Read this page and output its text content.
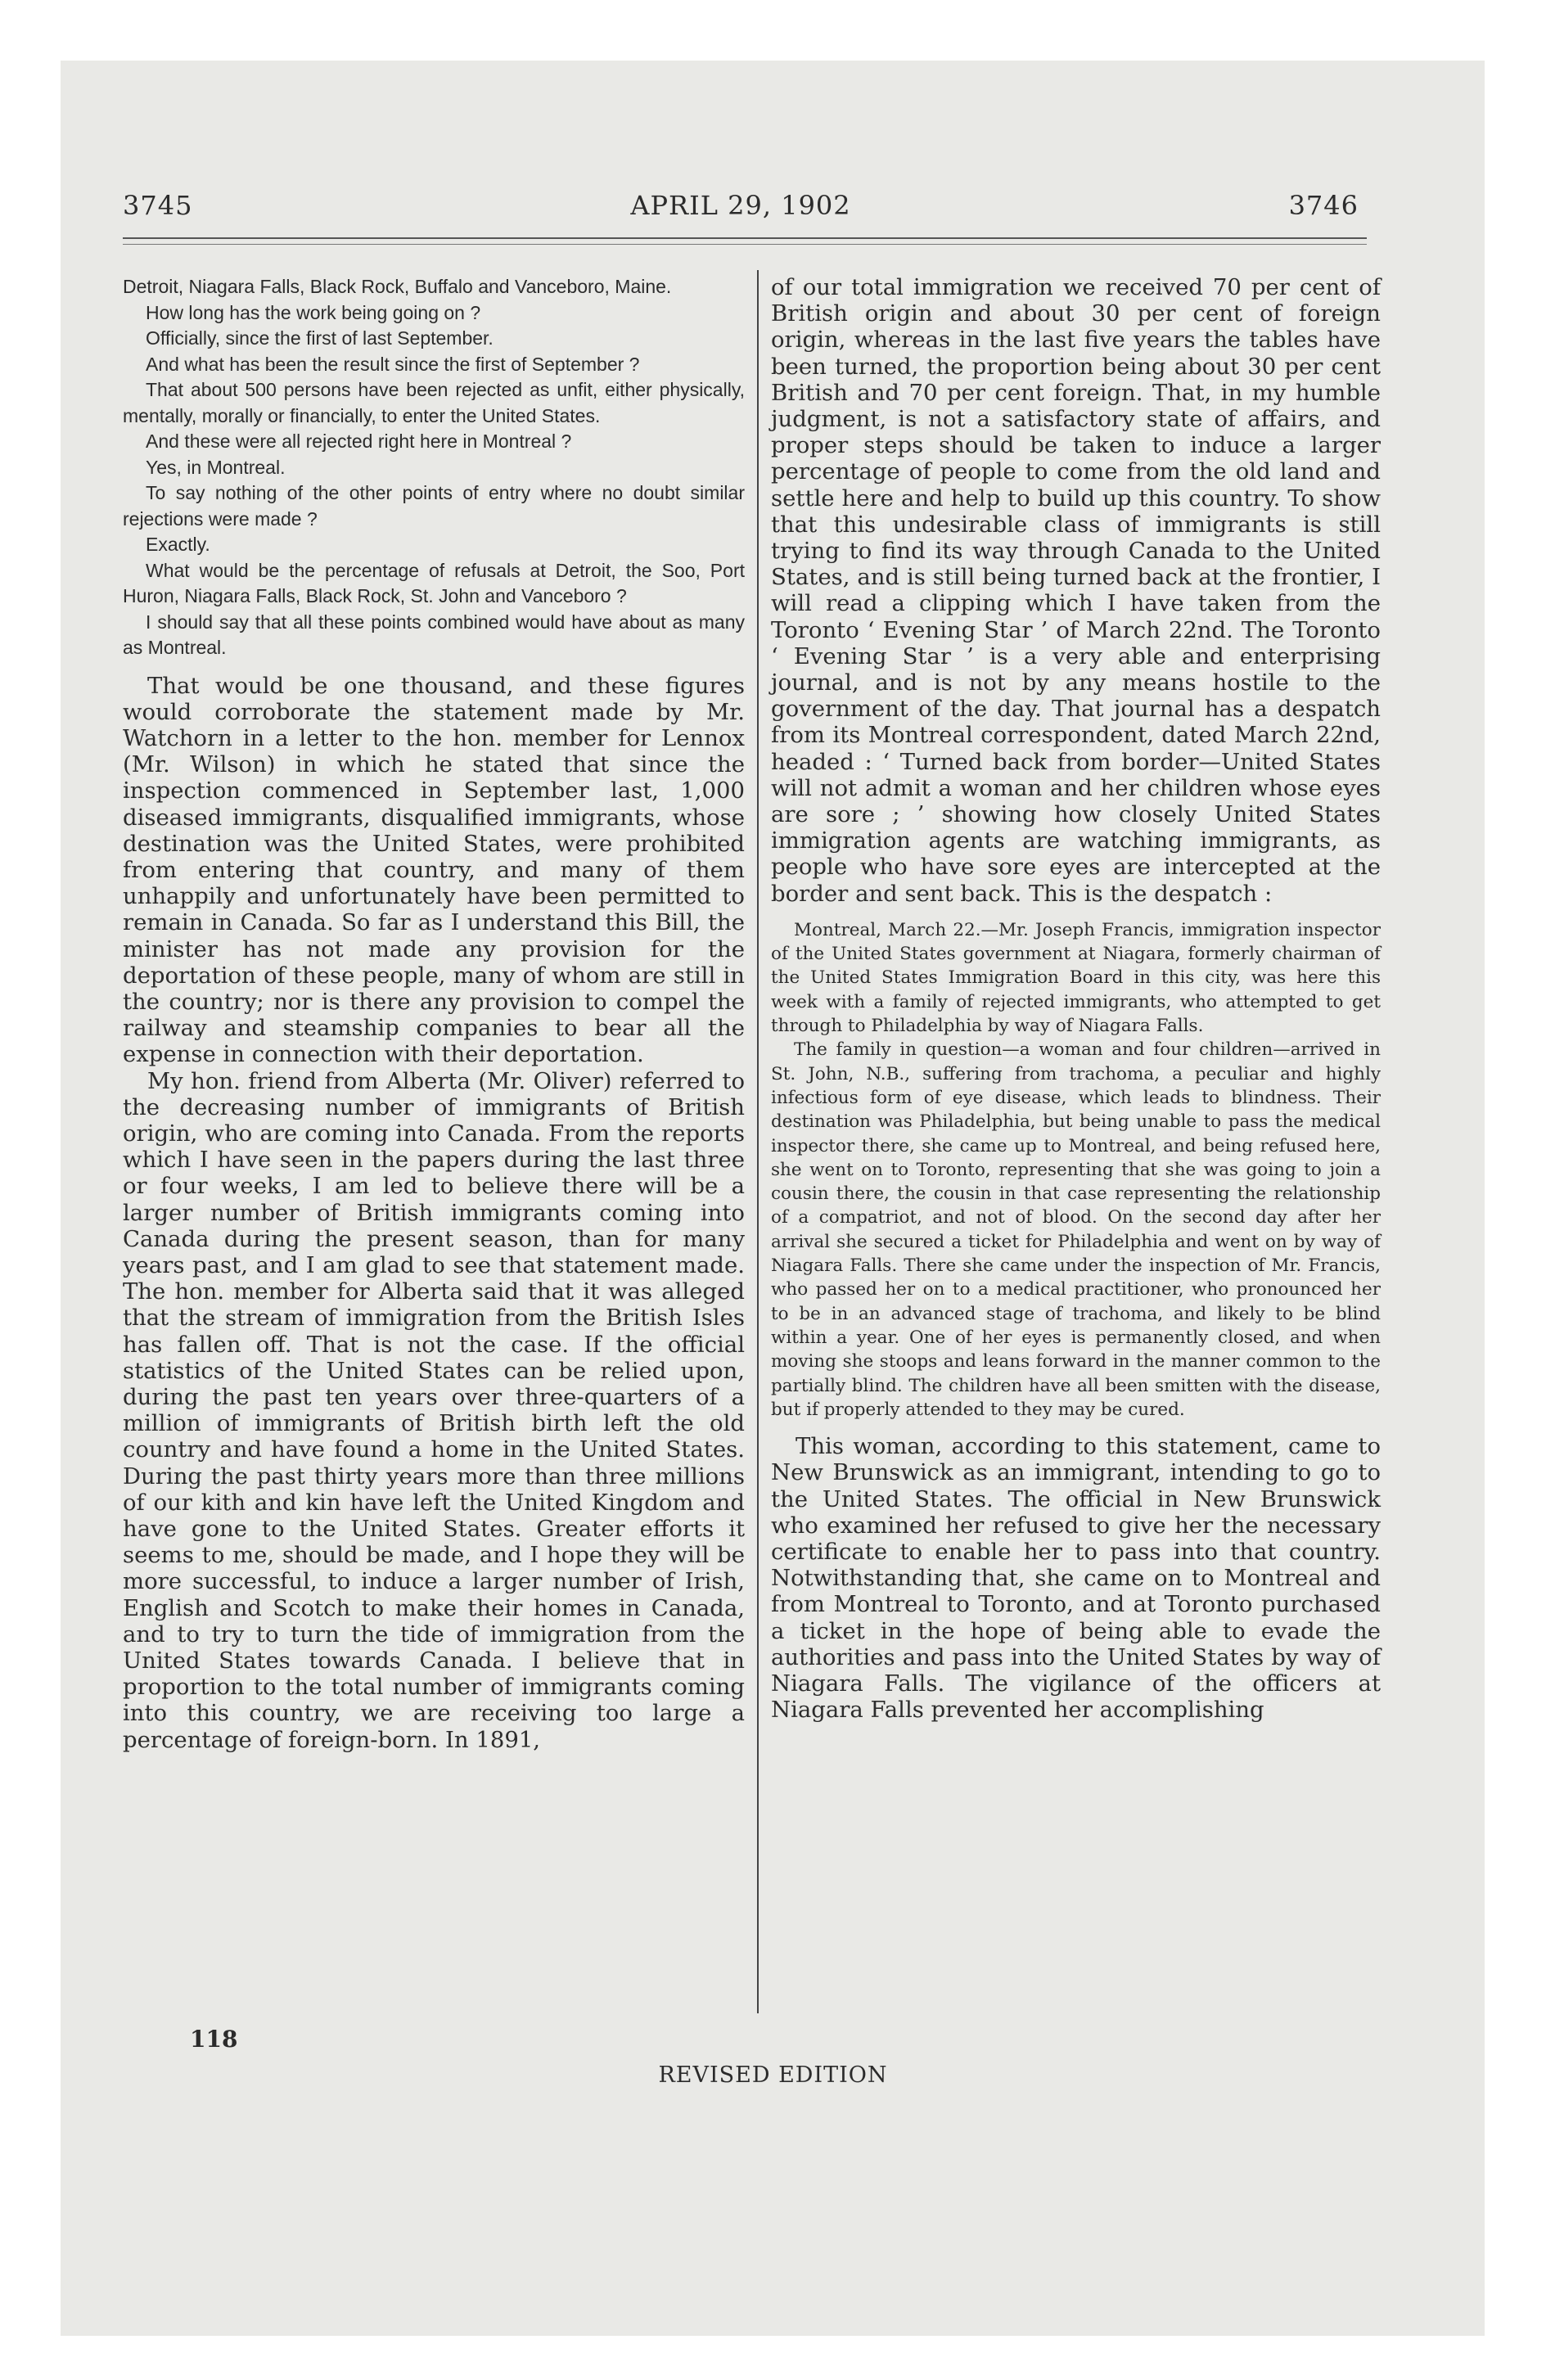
3745	APRIL 29, 1902	3746

Detroit, Niagara Falls, Black Rock, Buffalo and Vanceboro, Maine.

How long has the work being going on ?

Officially, since the first of last September.

And what has been the result since the first of September ?

That about 500 persons have been rejected as unfit, either physically, mentally, morally or financially, to enter the United States.

And these were all rejected right here in Montreal ?

Yes, in Montreal.

To say nothing of the other points of entry where no doubt similar rejections were made ?

Exactly.

What would be the percentage of refusals at Detroit, the Soo, Port Huron, Niagara Falls, Black Rock, St. John and Vanceboro ?

I should say that all these points combined would have about as many as Montreal.

That would be one thousand, and these figures would corroborate the statement made by Mr. Watchorn in a letter to the hon. member for Lennox (Mr. Wilson) in which he stated that since the inspection commenced in September last, 1,000 diseased immigrants, disqualified immigrants, whose destination was the United States, were prohibited from entering that country, and many of them unhappily and unfortunately have been permitted to remain in Canada. So far as I understand this Bill, the minister has not made any provision for the deportation of these people, many of whom are still in the country; nor is there any provision to compel the railway and steamship companies to bear all the expense in connection with their deportation.

My hon. friend from Alberta (Mr. Oliver) referred to the decreasing number of immigrants of British origin, who are coming into Canada. From the reports which I have seen in the papers during the last three or four weeks, I am led to believe there will be a larger number of British immigrants coming into Canada during the present season, than for many years past, and I am glad to see that statement made. The hon. member for Alberta said that it was alleged that the stream of immigration from the British Isles has fallen off. That is not the case. If the official statistics of the United States can be relied upon, during the past ten years over three-quarters of a million of immigrants of British birth left the old country and have found a home in the United States. During the past thirty years more than three millions of our kith and kin have left the United Kingdom and have gone to the United States. Greater efforts it seems to me, should be made, and I hope they will be more successful, to induce a larger number of Irish, English and Scotch to make their homes in Canada, and to try to turn the tide of immigration from the United States towards Canada. I believe that in proportion to the total number of immigrants coming into this country, we are receiving too large a percentage of foreign-born. In 1891,

of our total immigration we received 70 per cent of British origin and about 30 per cent of foreign origin, whereas in the last five years the tables have been turned, the proportion being about 30 per cent British and 70 per cent foreign. That, in my humble judgment, is not a satisfactory state of affairs, and proper steps should be taken to induce a larger percentage of people to come from the old land and settle here and help to build up this country. To show that this undesirable class of immigrants is still trying to find its way through Canada to the United States, and is still being turned back at the frontier, I will read a clipping which I have taken from the Toronto ‘ Evening Star ’ of March 22nd. The Toronto ‘ Evening Star ’ is a very able and enterprising journal, and is not by any means hostile to the government of the day. That journal has a despatch from its Montreal correspondent, dated March 22nd, headed : ‘ Turned back from border—United States will not admit a woman and her children whose eyes are sore ; ’ showing how closely United States immigration agents are watching immigrants, as people who have sore eyes are intercepted at the border and sent back. This is the despatch :

Montreal, March 22.—Mr. Joseph Francis, immigration inspector of the United States government at Niagara, formerly chairman of the United States Immigration Board in this city, was here this week with a family of rejected immigrants, who attempted to get through to Philadelphia by way of Niagara Falls.

The family in question—a woman and four children—arrived in St. John, N.B., suffering from trachoma, a peculiar and highly infectious form of eye disease, which leads to blindness. Their destination was Philadelphia, but being unable to pass the medical inspector there, she came up to Montreal, and being refused here, she went on to Toronto, representing that she was going to join a cousin there, the cousin in that case representing the relationship of a compatriot, and not of blood. On the second day after her arrival she secured a ticket for Philadelphia and went on by way of Niagara Falls. There she came under the inspection of Mr. Francis, who passed her on to a medical practitioner, who pronounced her to be in an advanced stage of trachoma, and likely to be blind within a year. One of her eyes is permanently closed, and when moving she stoops and leans forward in the manner common to the partially blind. The children have all been smitten with the disease, but if properly attended to they may be cured.

This woman, according to this statement, came to New Brunswick as an immigrant, intending to go to the United States. The official in New Brunswick who examined her refused to give her the necessary certificate to enable her to pass into that country. Notwithstanding that, she came on to Montreal and from Montreal to Toronto, and at Toronto purchased a ticket in the hope of being able to evade the authorities and pass into the United States by way of Niagara Falls. The vigilance of the officers at Niagara Falls prevented her accomplishing

118
REVISED EDITION
